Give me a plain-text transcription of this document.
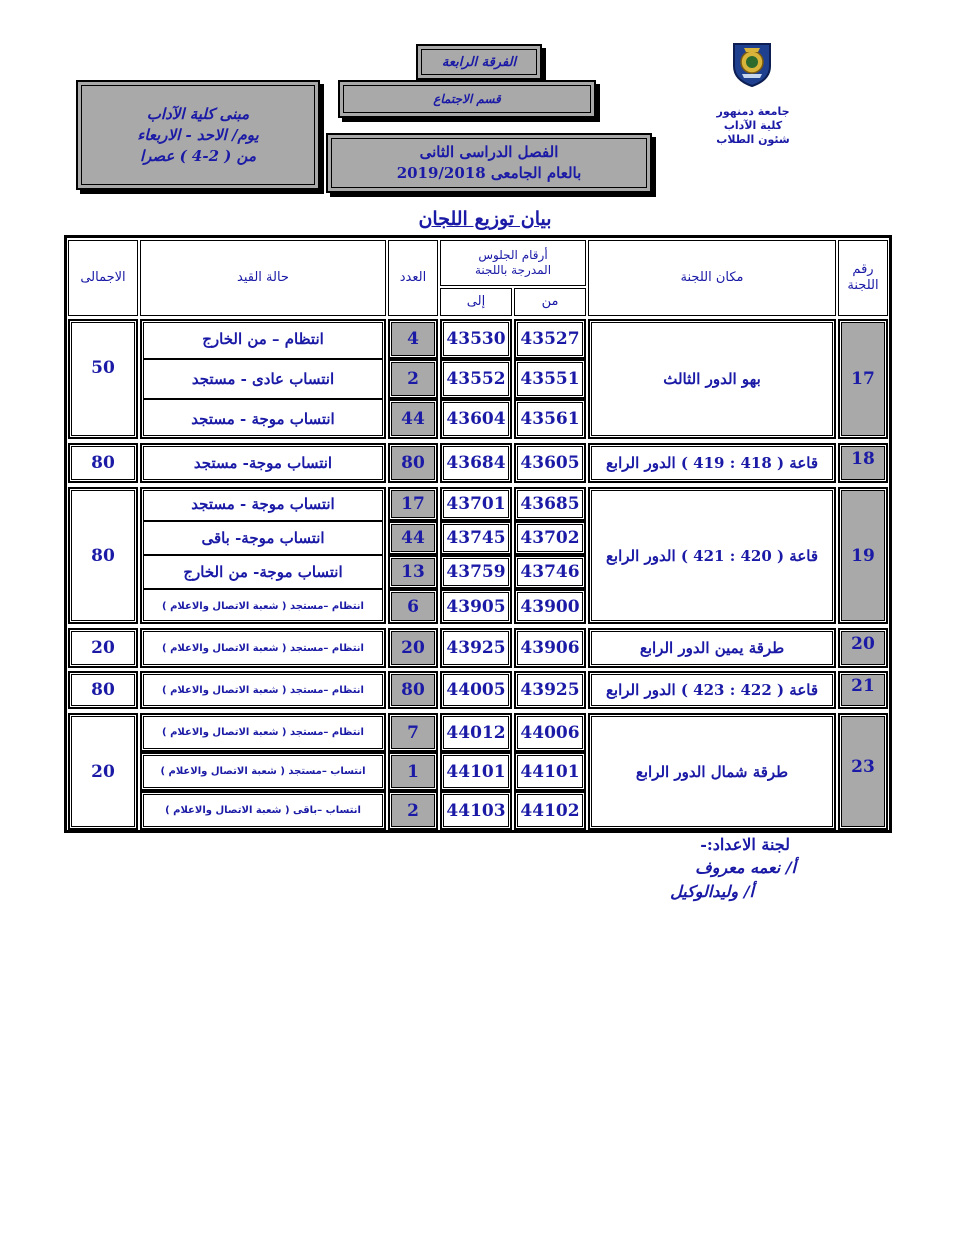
الفرقة الرابعة
قسم الاجتماع
مبنى كلية الآداب
يوم/ الاحد - الاربعاء
من ( 2-4 ) عصرا	الفصل الدراسى الثانى
بالعام الجامعى 2019/2018
جامعة دمنهور
كلية الآداب
شئون الطلاب
بيان توزيع اللجان
رقم اللجنة
مكان اللجنة
أرقام الجلوس المدرجة باللجنة
من
إلى
العدد
حالة القيد
الاجمالى
17
بهو الدور الثالث
43527
43530
4
انتظام – من الخارج
43551
43552
2
انتساب عادى - مستجد
43561
43604
44
انتساب موجة - مستجد
50
18
قاعة ( 418 : 419 ) الدور الرابع
43605
43684
80
انتساب موجة- مستجد
80
19
قاعة ( 420 : 421 ) الدور الرابع
43685
43701
17
انتساب موجة - مستجد
43702
43745
44
انتساب موجة- باقى
43746
43759
13
انتساب موجة- من الخارج
43900
43905
6
انتظام –مستجد ( شعبة الاتصال والاعلام )
80
20
طرقة يمين الدور الرابع
43906
43925
20
انتظام –مستجد ( شعبة الاتصال والاعلام )
20
21
قاعة ( 422 : 423 ) الدور الرابع
43925
44005
80
انتظام –مستجد ( شعبة الاتصال والاعلام )
80
23
طرقة شمال الدور الرابع
44006
44012
7
انتظام –مستجد ( شعبة الاتصال والاعلام )
44101
44101
1
انتساب –مستجد ( شعبة الاتصال والاعلام )
44102
44103
2
انتساب –باقى ( شعبة الاتصال والاعلام )
20
لجنة الاعداد:-
أ/ نعمه معروف
أ/ وليدالوكيل
